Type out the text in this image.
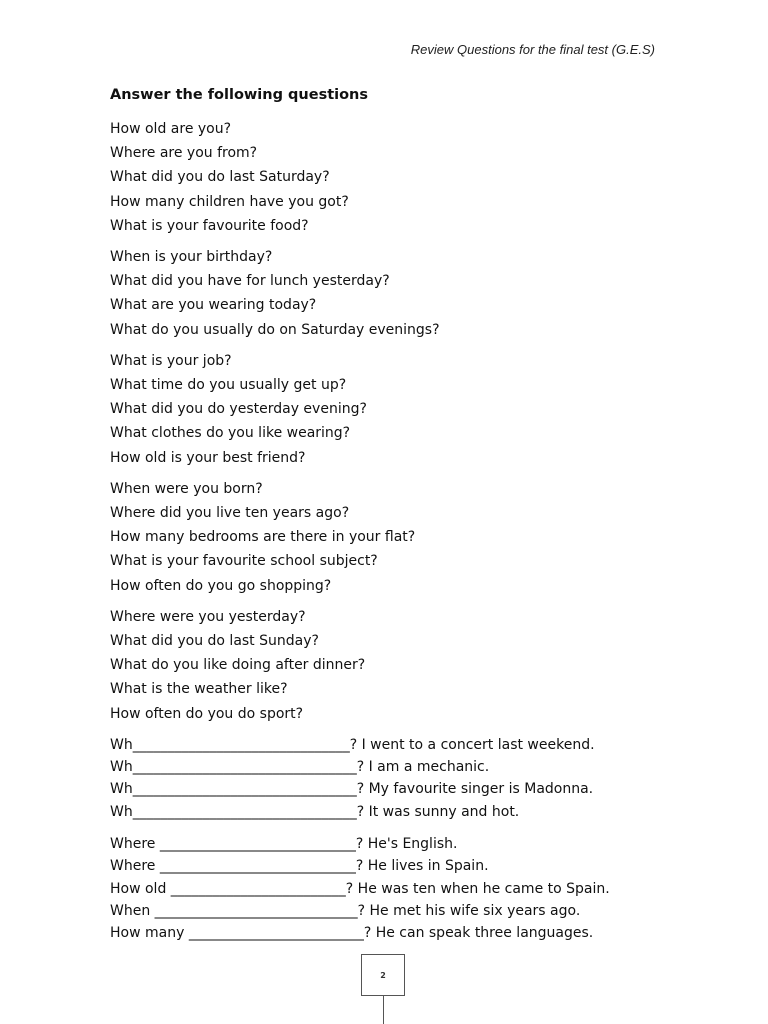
Review Questions for the final test (G.E.S)
Answer the following questions
How old are you?
Where are you from?
What did you do last Saturday?
How many children have you got?
What is your favourite food?
When is your birthday?
What did you have for lunch yesterday?
What are you wearing today?
What do you usually do on Saturday evenings?
What is your job?
What time do you usually get up?
What did you do yesterday evening?
What clothes do you like wearing?
How old is your best friend?
When were you born?
Where did you live ten years ago?
How many bedrooms are there in your flat?
What is your favourite school subject?
How often do you go shopping?
Where were you yesterday?
What did you do last Sunday?
What do you like doing after dinner?
What is the weather like?
How often do you do sport?
Wh_______________________________? I went to a concert last weekend.
Wh________________________________? I am a mechanic.
Wh________________________________? My favourite singer is Madonna.
Wh________________________________? It was sunny and hot.
Where ____________________________? He's English.
Where ____________________________? He lives in Spain.
How old _________________________? He was ten when he came to Spain.
When _____________________________? He met his wife six years ago.
How many _________________________? He can speak three languages.
2
